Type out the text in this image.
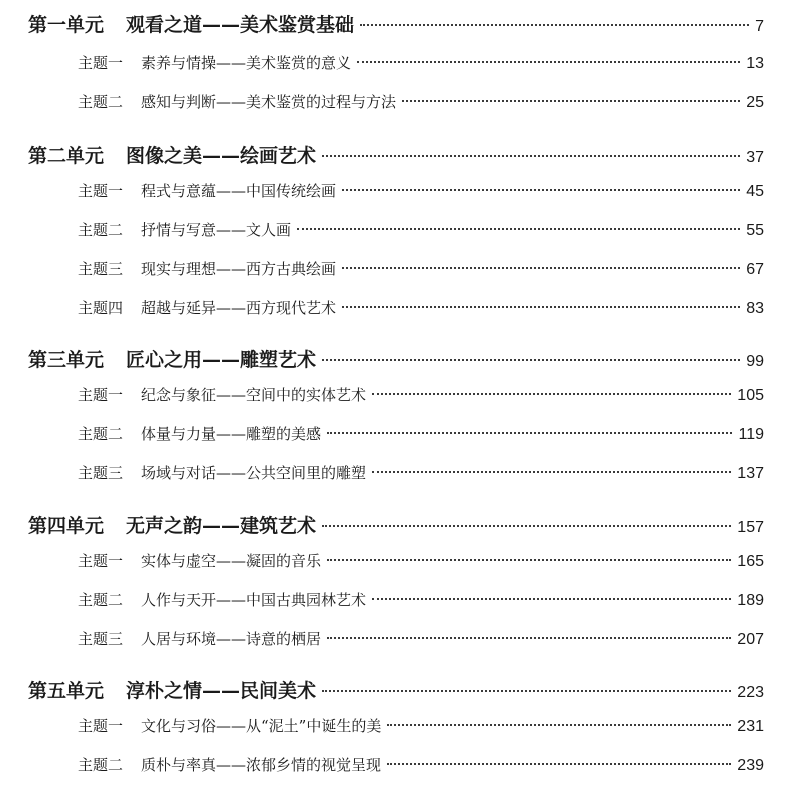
第一单元 观看之道——美术鉴赏基础	7
主题一 素养与情操——美术鉴赏的意义	13
主题二 感知与判断——美术鉴赏的过程与方法	25
第二单元 图像之美——绘画艺术	37
主题一 程式与意蕴——中国传统绘画	45
主题二 抒情与写意——文人画	55
主题三 现实与理想——西方古典绘画	67
主题四 超越与延异——西方现代艺术	83
第三单元 匠心之用——雕塑艺术	99
主题一 纪念与象征——空间中的实体艺术	105
主题二 体量与力量——雕塑的美感	119
主题三 场域与对话——公共空间里的雕塑	137
第四单元 无声之韵——建筑艺术	157
主题一 实体与虚空——凝固的音乐	165
主题二 人作与天开——中国古典园林艺术	189
主题三 人居与环境——诗意的栖居	207
第五单元 淳朴之情——民间美术	223
主题一 文化与习俗——从“泥土”中诞生的美	231
主题二 质朴与率真——浓郁乡情的视觉呈现	239
